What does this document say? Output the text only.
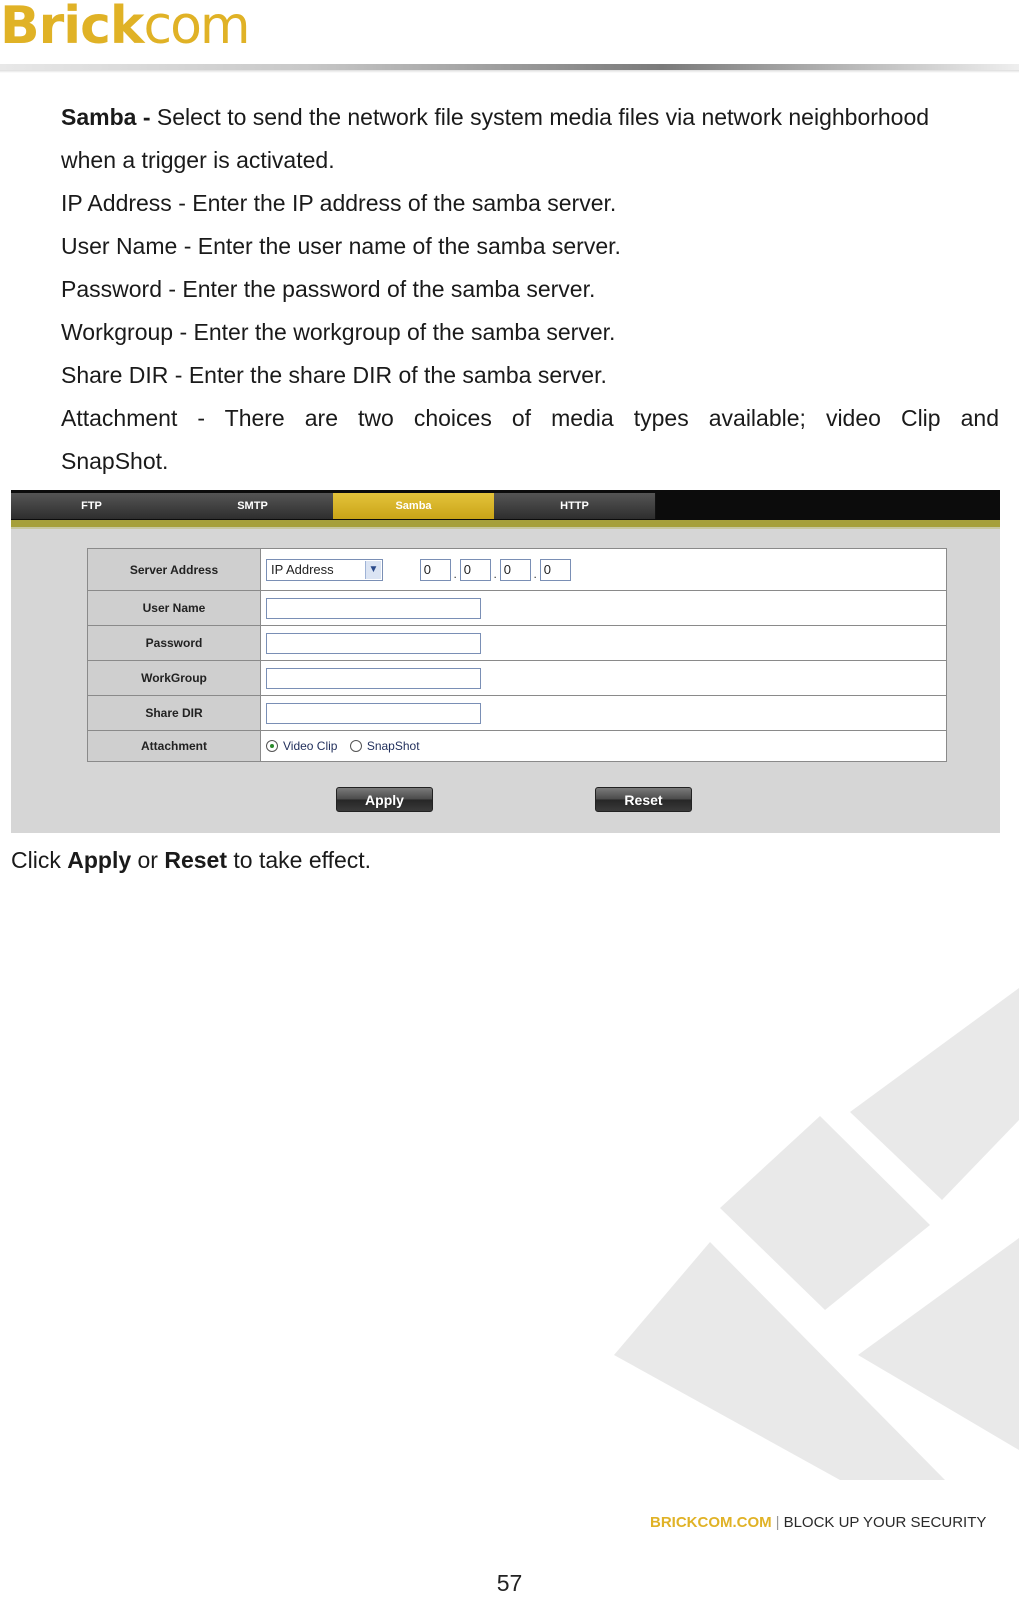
Brickcom

Samba - Select to send the network file system media files via network neighborhood

when a trigger is activated.

IP Address - Enter the IP address of the samba server.

User Name - Enter the user name of the samba server.

Password - Enter the password of the samba server.

Workgroup - Enter the workgroup of the samba server.

Share DIR - Enter the share DIR of the samba server.

Attachment - There are two choices of media types available; video Clip and

SnapShot.

FTP	SMTP	Samba	HTTP
Server Address	IP Address ▼ 0 . 0 . 0 . 0
User Name	
Password	
WorkGroup	
Share DIR	
Attachment	Video Clip SnapShot
Apply	Reset
Click Apply or Reset to take effect.
BRICKCOM.COM | BLOCK UP YOUR SECURITY
57
